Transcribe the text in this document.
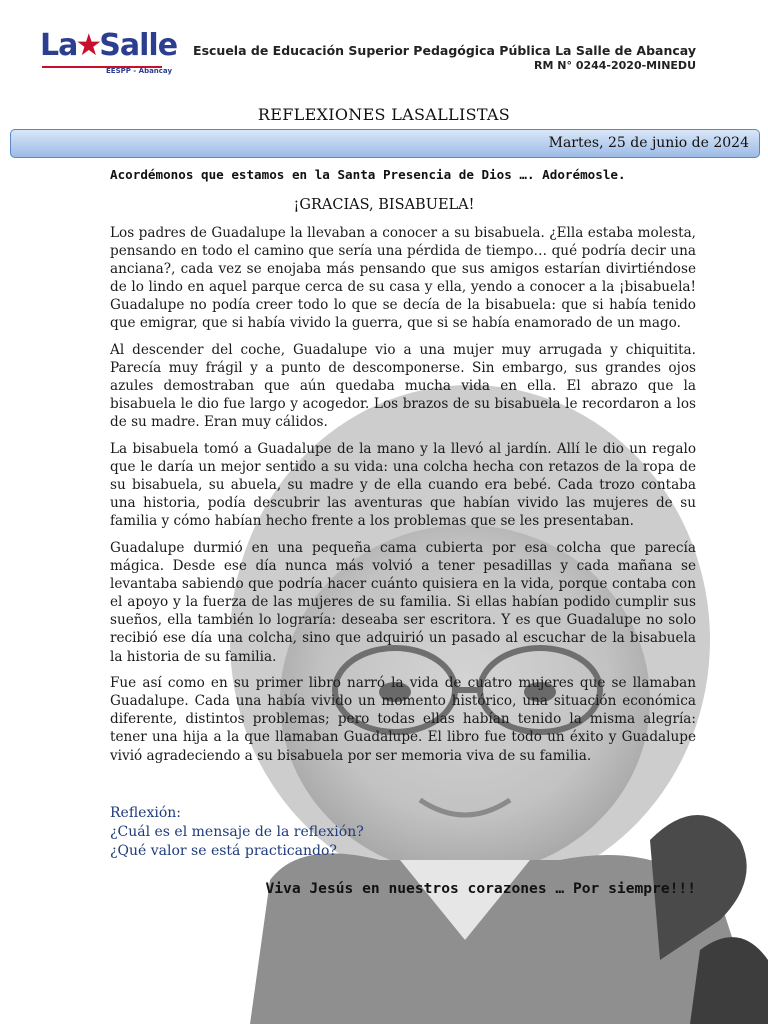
La★Salle
EESPP - Abancay
Escuela de Educación Superior Pedagógica Pública La Salle de Abancay
RM N° 0244-2020-MINEDU
REFLEXIONES LASALLISTAS
Martes, 25 de junio de 2024
Acordémonos que estamos en la Santa Presencia de Dios …. Adorémosle.
¡GRACIAS, BISABUELA!

Los padres de Guadalupe la llevaban a conocer a su bisabuela. ¿Ella estaba molesta, pensando en todo el camino que sería una pérdida de tiempo… qué podría decir una anciana?, cada vez se enojaba más pensando que sus amigos estarían divirtiéndose de lo lindo en aquel parque cerca de su casa y ella, yendo a conocer a la ¡bisabuela! Guadalupe no podía creer todo lo que se decía de la bisabuela: que si había tenido que emigrar, que si había vivido la guerra, que si se había enamorado de un mago.

Al descender del coche, Guadalupe vio a una mujer muy arrugada y chiquitita. Parecía muy frágil y a punto de descomponerse. Sin embargo, sus grandes ojos azules demostraban que aún quedaba mucha vida en ella. El abrazo que la bisabuela le dio fue largo y acogedor. Los brazos de su bisabuela le recordaron a los de su madre. Eran muy cálidos.

La bisabuela tomó a Guadalupe de la mano y la llevó al jardín. Allí le dio un regalo que le daría un mejor sentido a su vida: una colcha hecha con retazos de la ropa de su bisabuela, su abuela, su madre y de ella cuando era bebé. Cada trozo contaba una historia, podía descubrir las aventuras que habían vivido las mujeres de su familia y cómo habían hecho frente a los problemas que se les presentaban.

Guadalupe durmió en una pequeña cama cubierta por esa colcha que parecía mágica. Desde ese día nunca más volvió a tener pesadillas y cada mañana se levantaba sabiendo que podría hacer cuánto quisiera en la vida, porque contaba con el apoyo y la fuerza de las mujeres de su familia. Si ellas habían podido cumplir sus sueños, ella también lo lograría: deseaba ser escritora. Y es que Guadalupe no solo recibió ese día una colcha, sino que adquirió un pasado al escuchar de la bisabuela la historia de su familia.

Fue así como en su primer libro narró la vida de cuatro mujeres que se llamaban Guadalupe. Cada una había vivido un momento histórico, una situación económica diferente, distintos problemas; pero todas ellas habían tenido la misma alegría: tener una hija a la que llamaban Guadalupe. El libro fue todo un éxito y Guadalupe vivió agradeciendo a su bisabuela por ser memoria viva de su familia.

Reflexión:
¿Cuál es el mensaje de la reflexión?
¿Qué valor se está practicando?
Viva Jesús en nuestros corazones … Por siempre!!!
